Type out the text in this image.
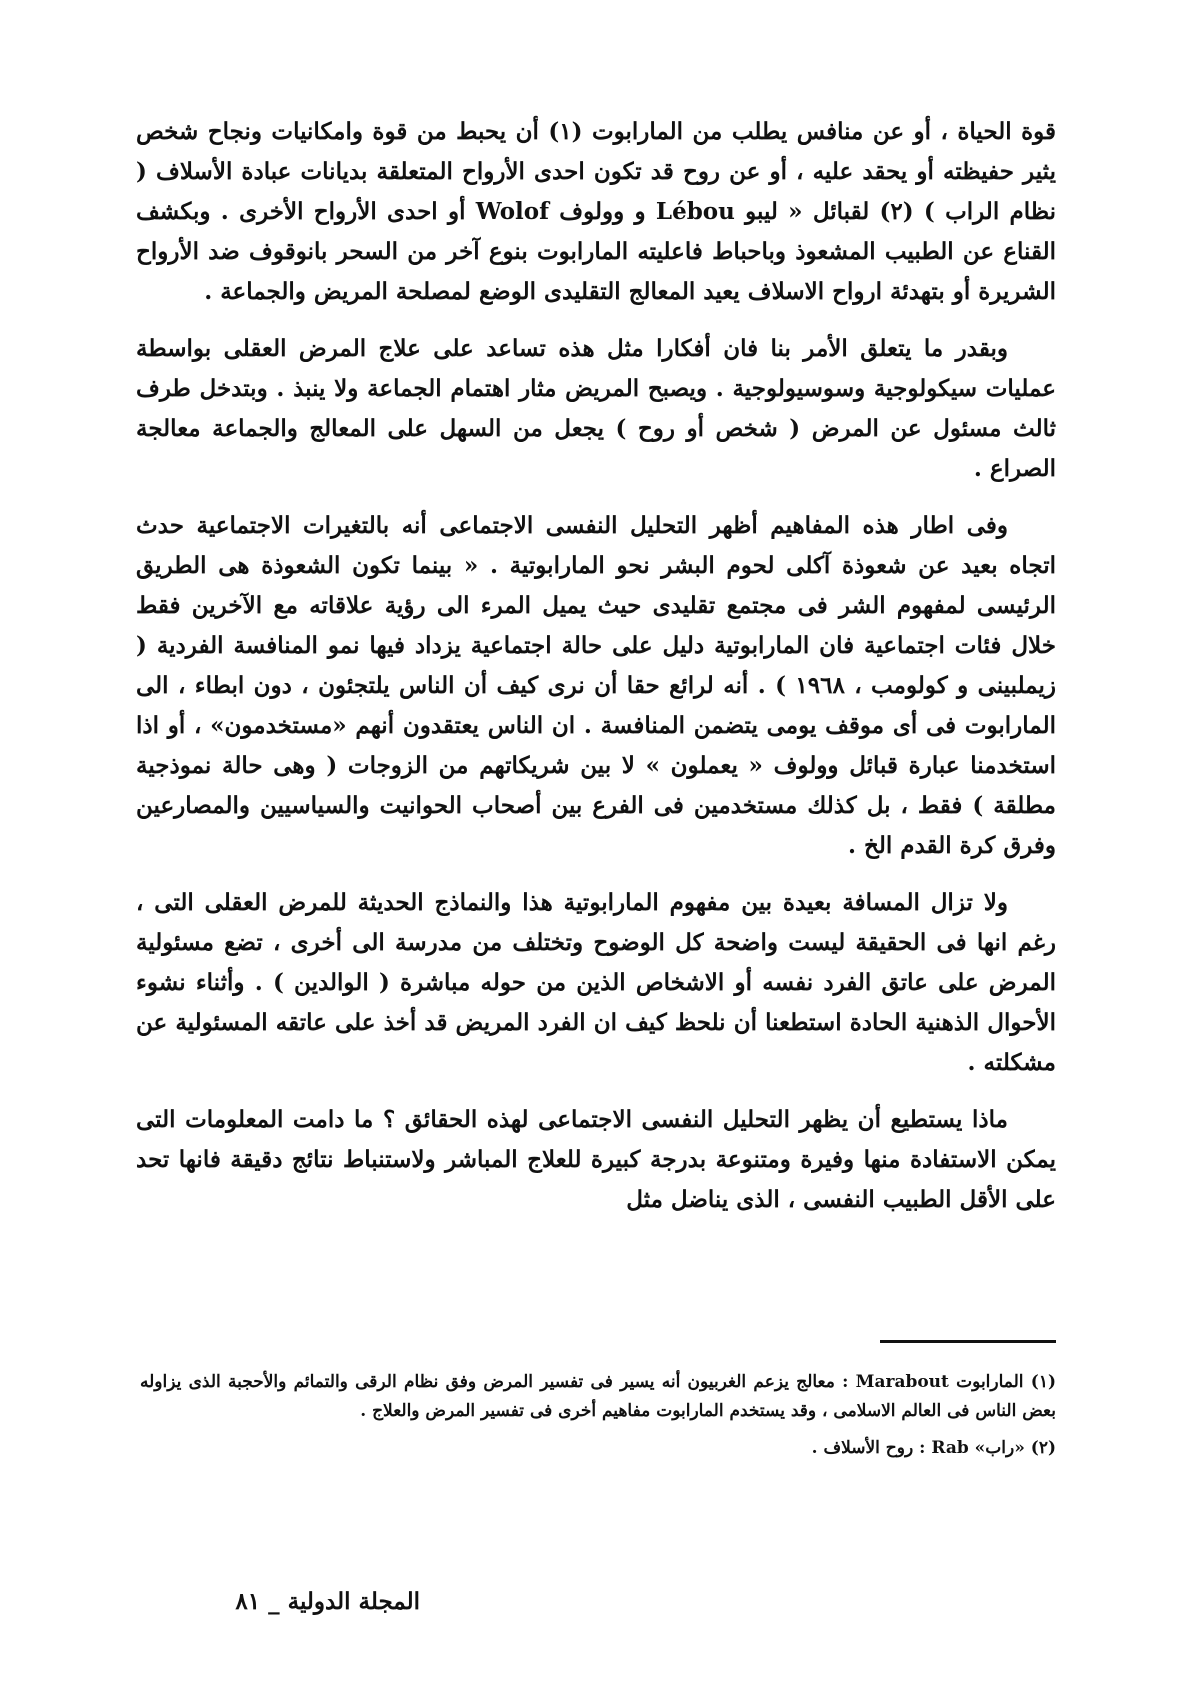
قوة الحياة ، أو عن منافس يطلب من المارابوت (١) أن يحبط من قوة وامكانيات ونجاح شخص يثير حفيظته أو يحقد عليه ، أو عن روح قد تكون احدى الأرواح المتعلقة بديانات عبادة الأسلاف ( نظام الراب ) (٢) لقبائل « ليبو Lébou و وولوف Wolof أو احدى الأرواح الأخرى . وبكشف القناع عن الطبيب المشعوذ وباحباط فاعليته المارابوت بنوع آخر من السحر بانوقوف ضد الأرواح الشريرة أو بتهدئة ارواح الاسلاف يعيد المعالج التقليدى الوضع لمصلحة المريض والجماعة .

وبقدر ما يتعلق الأمر بنا فان أفكارا مثل هذه تساعد على علاج المرض العقلى بواسطة عمليات سيكولوجية وسوسيولوجية . ويصبح المريض مثار اهتمام الجماعة ولا ينبذ . وبتدخل طرف ثالث مسئول عن المرض ( شخص أو روح ) يجعل من السهل على المعالج والجماعة معالجة الصراع .

وفى اطار هذه المفاهيم أظهر التحليل النفسى الاجتماعى أنه بالتغيرات الاجتماعية حدث اتجاه بعيد عن شعوذة آكلى لحوم البشر نحو المارابوتية . « بينما تكون الشعوذة هى الطريق الرئيسى لمفهوم الشر فى مجتمع تقليدى حيث يميل المرء الى رؤية علاقاته مع الآخرين فقط خلال فئات اجتماعية فان المارابوتية دليل على حالة اجتماعية يزداد فيها نمو المنافسة الفردية ( زيملبينى و كولومب ، ١٩٦٨ ) . أنه لرائع حقا أن نرى كيف أن الناس يلتجئون ، دون ابطاء ، الى المارابوت فى أى موقف يومى يتضمن المنافسة . ان الناس يعتقدون أنهم «مستخدمون» ، أو اذا استخدمنا عبارة قبائل وولوف « يعملون » لا بين شريكاتهم من الزوجات ( وهى حالة نموذجية مطلقة ) فقط ، بل كذلك مستخدمين فى الفرع بين أصحاب الحوانيت والسياسيين والمصارعين وفرق كرة القدم الخ .

ولا تزال المسافة بعيدة بين مفهوم المارابوتية هذا والنماذج الحديثة للمرض العقلى التى ، رغم انها فى الحقيقة ليست واضحة كل الوضوح وتختلف من مدرسة الى أخرى ، تضع مسئولية المرض على عاتق الفرد نفسه أو الاشخاص الذين من حوله مباشرة ( الوالدين ) . وأثناء نشوء الأحوال الذهنية الحادة استطعنا أن نلحظ كيف ان الفرد المريض قد أخذ على عاتقه المسئولية عن مشكلته .

ماذا يستطيع أن يظهر التحليل النفسى الاجتماعى لهذه الحقائق ؟ ما دامت المعلومات التى يمكن الاستفادة منها وفيرة ومتنوعة بدرجة كبيرة للعلاج المباشر ولاستنباط نتائج دقيقة فانها تحد على الأقل الطبيب النفسى ، الذى يناضل مثل

(١) المارابوت Marabout : معالج يزعم الغربيون أنه يسير فى تفسير المرض وفق نظام الرقى والتمائم والأحجبة الذى يزاوله بعض الناس فى العالم الاسلامى ، وقد يستخدم المارابوت مفاهيم أخرى فى تفسير المرض والعلاج .

(٢) «راب» Rab : روح الأسلاف .

المجلة الدولية _ ٨١
